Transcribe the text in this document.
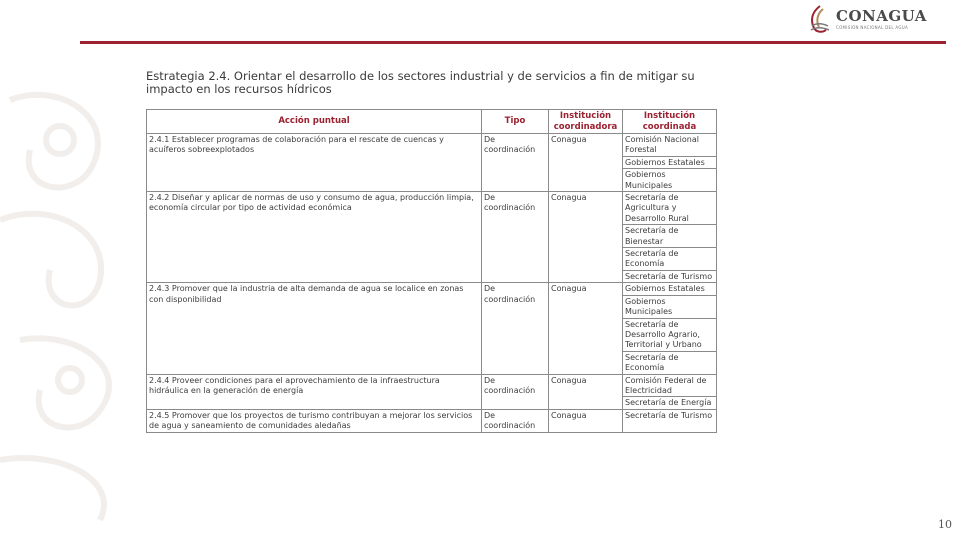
CONAGUA
COMISIÓN NACIONAL DEL AGUA
Estrategia 2.4. Orientar el desarrollo de los sectores industrial y de servicios a fin de mitigar su impacto en los recursos hídricos
Acción puntual	Tipo	Institución coordinadora	Institución coordinada
2.4.1 Establecer programas de colaboración para el rescate de cuencas y acuíferos sobreexplotados	De coordinación	Conagua	Comisión Nacional Forestal
			Gobiernos Estatales
			Gobiernos Municipales
2.4.2 Diseñar y aplicar de normas de uso y consumo de agua, producción limpia, economía circular por tipo de actividad económica	De coordinación	Conagua	Secretaría de Agricultura y Desarrollo Rural
			Secretaría de Bienestar
			Secretaría de Economía
			Secretaría de Turismo
2.4.3 Promover que la industria de alta demanda de agua se localice en zonas con disponibilidad	De coordinación	Conagua	Gobiernos Estatales
			Gobiernos Municipales
			Secretaría de Desarrollo Agrario, Territorial y Urbano
			Secretaría de Economía
2.4.4 Proveer condiciones para el aprovechamiento de la infraestructura hidráulica en la generación de energía	De coordinación	Conagua	Comisión Federal de Electricidad
			Secretaría de Energía
2.4.5 Promover que los proyectos de turismo contribuyan a mejorar los servicios de agua y saneamiento de comunidades aledañas	De coordinación	Conagua	Secretaría de Turismo
10
